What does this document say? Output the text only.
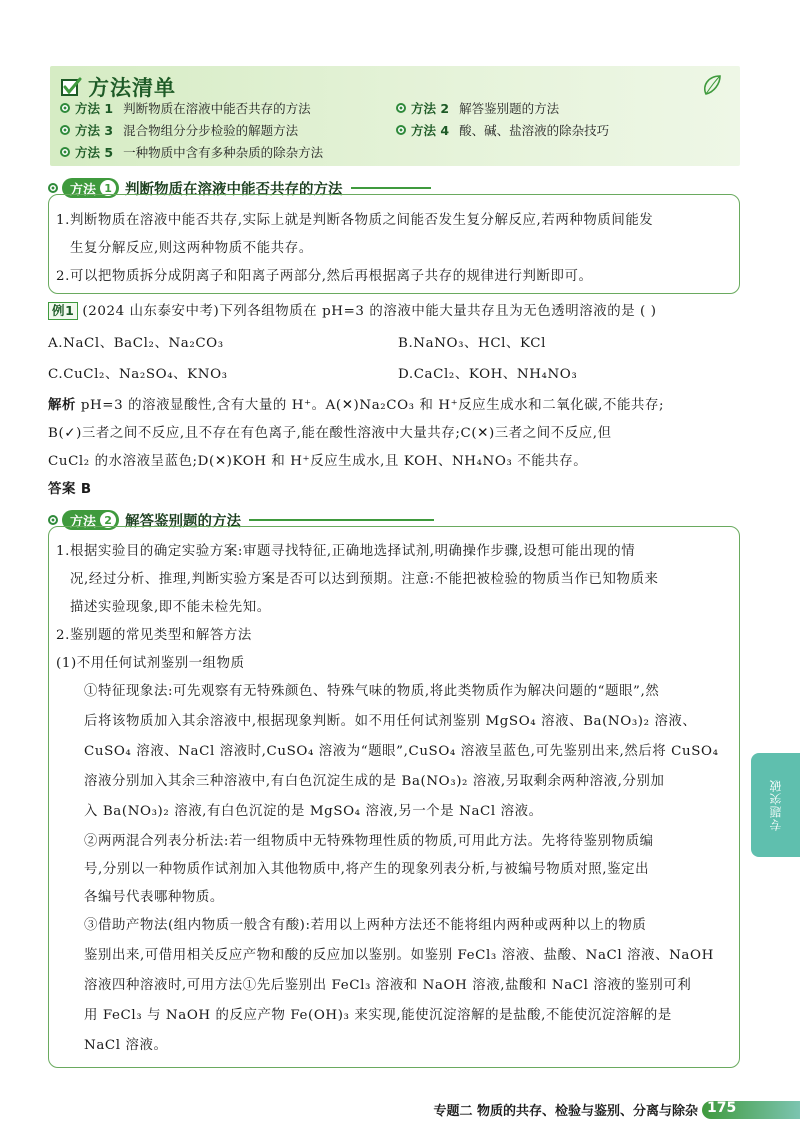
方法清单
方法 1 判断物质在溶液中能否共存的方法	方法 2 解答鉴别题的方法
方法 3 混合物组分分步检验的解题方法	方法 4 酸、碱、盐溶液的除杂技巧
方法 5 一种物质中含有多种杂质的除杂方法
方法 1 判断物质在溶液中能否共存的方法
1.判断物质在溶液中能否共存,实际上就是判断各物质之间能否发生复分解反应,若两种物质间能发
生复分解反应,则这两种物质不能共存。
2.可以把物质拆分成阴离子和阳离子两部分,然后再根据离子共存的规律进行判断即可。
例1 (2024 山东泰安中考)下列各组物质在 pH=3 的溶液中能大量共存且为无色透明溶液的是 ( )
A.NaCl、BaCl₂、Na₂CO₃	B.NaNO₃、HCl、KCl
C.CuCl₂、Na₂SO₄、KNO₃	D.CaCl₂、KOH、NH₄NO₃
解析 pH=3 的溶液显酸性,含有大量的 H⁺。A(✕)Na₂CO₃ 和 H⁺反应生成水和二氧化碳,不能共存;
B(✓)三者之间不反应,且不存在有色离子,能在酸性溶液中大量共存;C(✕)三者之间不反应,但
CuCl₂ 的水溶液呈蓝色;D(✕)KOH 和 H⁺反应生成水,且 KOH、NH₄NO₃ 不能共存。
答案 B
方法 2 解答鉴别题的方法
1.根据实验目的确定实验方案:审题寻找特征,正确地选择试剂,明确操作步骤,设想可能出现的情
况,经过分析、推理,判断实验方案是否可以达到预期。注意:不能把被检验的物质当作已知物质来
描述实验现象,即不能未检先知。
2.鉴别题的常见类型和解答方法
(1)不用任何试剂鉴别一组物质
①特征现象法:可先观察有无特殊颜色、特殊气味的物质,将此类物质作为解决问题的“题眼”,然
后将该物质加入其余溶液中,根据现象判断。如不用任何试剂鉴别 MgSO₄ 溶液、Ba(NO₃)₂ 溶液、
CuSO₄ 溶液、NaCl 溶液时,CuSO₄ 溶液为“题眼”,CuSO₄ 溶液呈蓝色,可先鉴别出来,然后将 CuSO₄
溶液分别加入其余三种溶液中,有白色沉淀生成的是 Ba(NO₃)₂ 溶液,另取剩余两种溶液,分别加
入 Ba(NO₃)₂ 溶液,有白色沉淀的是 MgSO₄ 溶液,另一个是 NaCl 溶液。
②两两混合列表分析法:若一组物质中无特殊物理性质的物质,可用此方法。先将待鉴别物质编
号,分别以一种物质作试剂加入其他物质中,将产生的现象列表分析,与被编号物质对照,鉴定出
各编号代表哪种物质。
③借助产物法(组内物质一般含有酸):若用以上两种方法还不能将组内两种或两种以上的物质
鉴别出来,可借用相关反应产物和酸的反应加以鉴别。如鉴别 FeCl₃ 溶液、盐酸、NaCl 溶液、NaOH
溶液四种溶液时,可用方法①先后鉴别出 FeCl₃ 溶液和 NaOH 溶液,盐酸和 NaCl 溶液的鉴别可利
用 FeCl₃ 与 NaOH 的反应产物 Fe(OH)₃ 来实现,能使沉淀溶解的是盐酸,不能使沉淀溶解的是
NaCl 溶液。
专题突破
专题二 物质的共存、检验与鉴别、分离与除杂 175
